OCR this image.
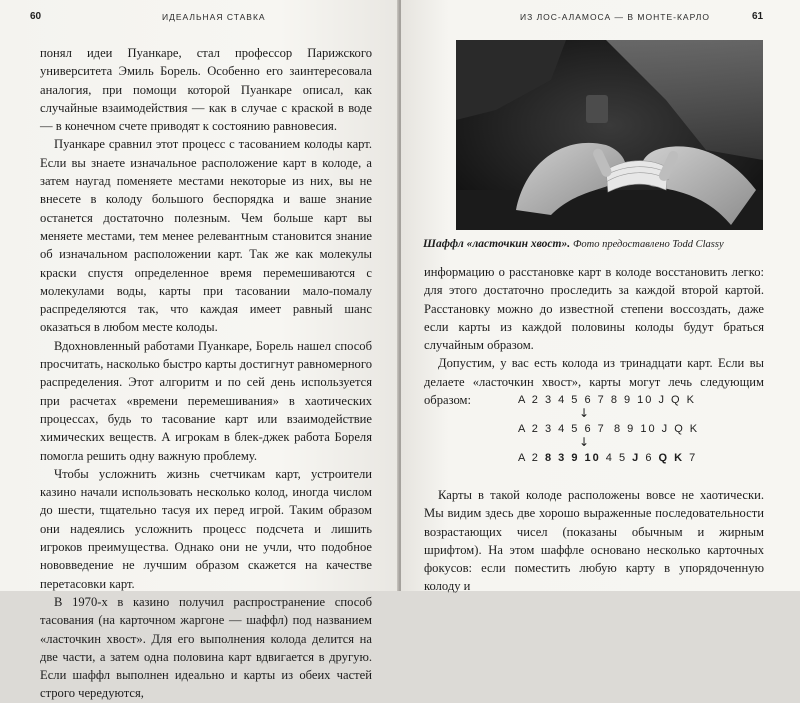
60	ИДЕАЛЬНАЯ СТАВКА

понял идеи Пуанкаре, стал профессор Парижского университета Эмиль Борель. Особенно его заинтересовала аналогия, при помощи которой Пуанкаре описал, как случайные взаимодействия — как в случае с краской в воде — в конечном счете приводят к состоянию равновесия.

Пуанкаре сравнил этот процесс с тасованием колоды карт. Если вы знаете изначальное расположение карт в колоде, а затем наугад поменяете местами некоторые из них, вы не внесете в колоду большого беспорядка и ваше знание останется достаточно полезным. Чем больше карт вы меняете местами, тем менее релевантным становится знание об изначальном расположении карт. Так же как молекулы краски спустя определенное время перемешиваются с молекулами воды, карты при тасовании мало-помалу распределяются так, что каждая имеет равный шанс оказаться в любом месте колоды.

Вдохновленный работами Пуанкаре, Борель нашел способ просчитать, насколько быстро карты достигнут равномерного распределения. Этот алгоритм и по сей день используется при расчетах «времени перемешивания» в хаотических процессах, будь то тасование карт или взаимодействие химических веществ. А игрокам в блек-джек работа Бореля помогла решить одну важную проблему.

Чтобы усложнить жизнь счетчикам карт, устроители казино начали использовать несколько колод, иногда числом до шести, тщательно тасуя их перед игрой. Таким образом они надеялись усложнить процесс подсчета и лишить игроков преимущества. Однако они не учли, что подобное нововведение не лучшим образом скажется на качестве перетасовки карт.

В 1970-х в казино получил распространение способ тасования (на карточном жаргоне — шаффл) под названием «ласточкин хвост». Для его выполнения колода делится на две части, а затем одна половина карт вдвигается в другую. Если шаффл выполнен идеально и карты из обеих частей строго чередуются,

ИЗ ЛОС-АЛАМОСА — В МОНТЕ-КАРЛО	61
Шаффл «ласточкин хвост». Фото предоставлено Todd Classy

информацию о расстановке карт в колоде восстановить легко: для этого достаточно проследить за каждой второй картой. Расстановку можно до известной степени воссоздать, даже если карты из каждой половины колоды будут браться случайным образом.

Допустим, у вас есть колода из тринадцати карт. Если вы делаете «ласточкин хвост», карты могут лечь следующим образом:	A 2 3 4 5 6 7 8 9 10 J Q K
↓
A 2 3 4 5 6 7 8 9 10 J Q K
↓
A 2 8 3 9 10 4 5 J 6 Q K 7

Карты в такой колоде расположены вовсе не хаотически. Мы видим здесь две хорошо выраженные последовательности возрастающих чисел (показаны обычным и жирным шрифтом). На этом шаффле основано несколько карточных фокусов: если поместить любую карту в упорядоченную колоду и
